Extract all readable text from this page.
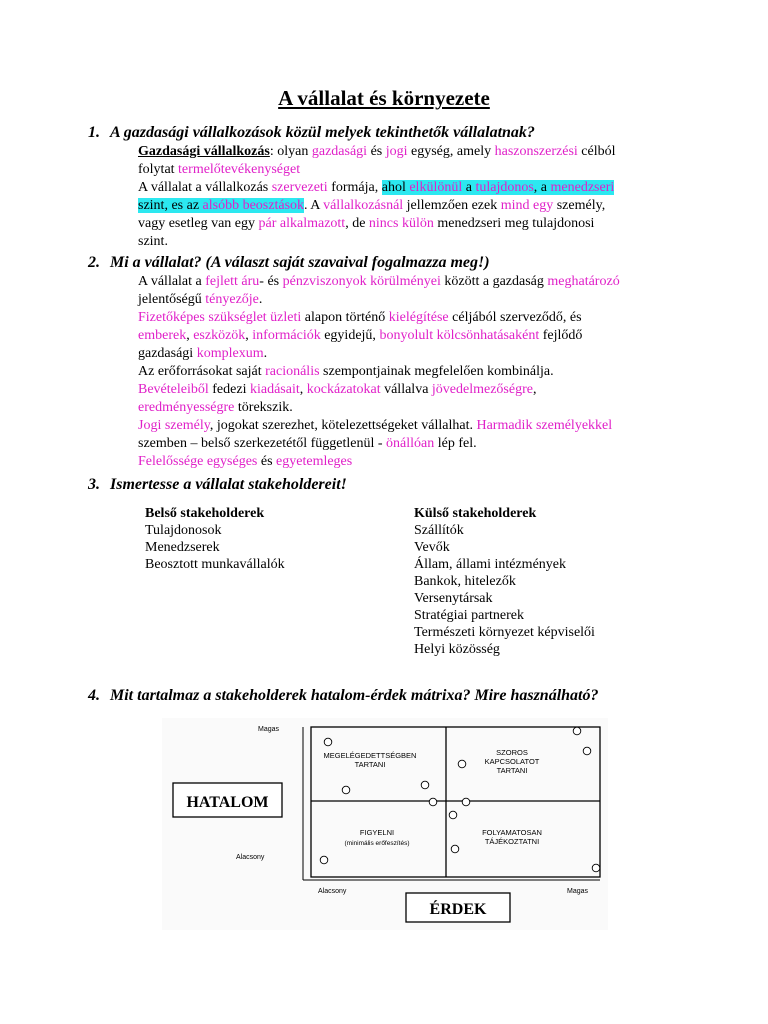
A vállalat és környezete
1. A gazdasági vállalkozások közül melyek tekinthetők vállalatnak?
Gazdasági vállalkozás: olyan gazdasági és jogi egység, amely haszonszerzési célból
folytat termelőtevékenységet
A vállalat a vállalkozás szervezeti formája, ahol elkülönül a tulajdonos, a menedzseri
szint, es az alsóbb beosztások. A vállalkozásnál jellemzően ezek mind egy személy,
vagy esetleg van egy pár alkalmazott, de nincs külön menedzseri meg tulajdonosi
szint.
2. Mi a vállalat? (A választ saját szavaival fogalmazza meg!)
A vállalat a fejlett áru- és pénzviszonyok körülményei között a gazdaság meghatározó
jelentőségű tényezője.
Fizetőképes szükséglet üzleti alapon történő kielégítése céljából szerveződő, és
emberek, eszközök, információk egyidejű, bonyolult kölcsönhatásaként fejlődő
gazdasági komplexum.
Az erőforrásokat saját racionális szempontjainak megfelelően kombinálja.
Bevételeiből fedezi kiadásait, kockázatokat vállalva jövedelmezőségre,
eredményességre törekszik.
Jogi személy, jogokat szerezhet, kötelezettségeket vállalhat. Harmadik személyekkel
szemben – belső szerkezetétől függetlenül - önállóan lép fel.
Felelőssége egységes és egyetemleges
3. Ismertesse a vállalat stakeholdereit!
Belső stakeholderek
Tulajdonosok
Menedzserek
Beosztott munkavállalók
Külső stakeholderek
Szállítók
Vevők
Állam, állami intézmények
Bankok, hitelezők
Versenytársak
Stratégiai partnerek
Természeti környezet képviselői
Helyi közösség
4. Mit tartalmaz a stakeholderek hatalom-érdek mátrixa? Mire használható?
Magas
Alacsony
Alacsony	Magas
HATALOM
ÉRDEK
MEGELÉGEDETTSÉGBEN
TARTANI
SZOROS
KAPCSOLATOT
TARTANI
FIGYELNI
(minimális erőfeszítés)
FOLYAMATOSAN
TÁJÉKOZTATNI
